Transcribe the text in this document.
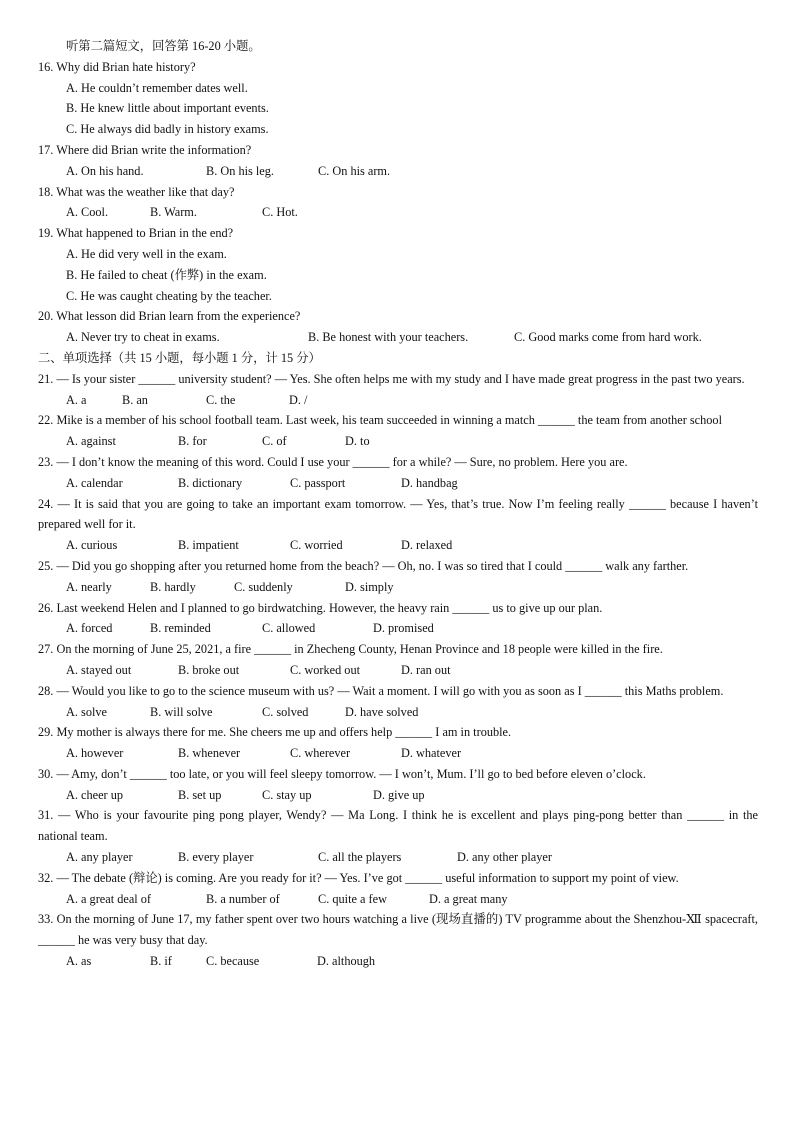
听第二篇短文，回答第 16-20 小题。
16. Why did Brian hate history?
A. He couldn’t remember dates well.
B. He knew little about important events.
C. He always did badly in history exams.
17. Where did Brian write the information?
A. On his hand.	B. On his leg.	C. On his arm.
18. What was the weather like that day?
A. Cool.	B. Warm.	C. Hot.
19. What happened to Brian in the end?
A. He did very well in the exam.
B. He failed to cheat (作弊) in the exam.
C. He was caught cheating by the teacher.
20. What lesson did Brian learn from the experience?
A. Never try to cheat in exams.	B. Be honest with your teachers.	C. Good marks come from hard work.
二、单项选择（共 15 小题，每小题 1 分，计 15 分）
21. — Is your sister ______ university student? — Yes. She often helps me with my study and I have made great progress in the past two years.
A. a	B. an	C. the	D. /
22. Mike is a member of his school football team. Last week, his team succeeded in winning a match ______ the team from another school
A. against	B. for	C. of	D. to
23. — I don’t know the meaning of this word. Could I use your ______ for a while? — Sure, no problem. Here you are.
A. calendar	B. dictionary	C. passport	D. handbag
24. — It is said that you are going to take an important exam tomorrow. — Yes, that’s true. Now I’m feeling really ______ because I haven’t prepared well for it.
A. curious	B. impatient	C. worried	D. relaxed
25. — Did you go shopping after you returned home from the beach? — Oh, no. I was so tired that I could ______ walk any farther.
A. nearly	B. hardly	C. suddenly	D. simply
26. Last weekend Helen and I planned to go birdwatching. However, the heavy rain ______ us to give up our plan.
A. forced	B. reminded	C. allowed	D. promised
27. On the morning of June 25, 2021, a fire ______ in Zhecheng County, Henan Province and 18 people were killed in the fire.
A. stayed out	B. broke out	C. worked out	D. ran out
28. — Would you like to go to the science museum with us? — Wait a moment. I will go with you as soon as I ______ this Maths problem.
A. solve	B. will solve	C. solved	D. have solved
29. My mother is always there for me. She cheers me up and offers help ______ I am in trouble.
A. however	B. whenever	C. wherever	D. whatever
30. — Amy, don’t ______ too late, or you will feel sleepy tomorrow. — I won’t, Mum. I’ll go to bed before eleven o’clock.
A. cheer up	B. set up	C. stay up	D. give up
31. — Who is your favourite ping pong player, Wendy? — Ma Long. I think he is excellent and plays ping-pong better than ______ in the national team.
A. any player	B. every player	C. all the players	D. any other player
32. — The debate (辩论) is coming. Are you ready for it? — Yes. I’ve got ______ useful information to support my point of view.
A. a great deal of	B. a number of	C. quite a few	D. a great many
33. On the morning of June 17, my father spent over two hours watching a live (现场直播的) TV programme about the Shenzhou-Ⅻ spacecraft, ______ he was very busy that day.
A. as	B. if	C. because	D. although
